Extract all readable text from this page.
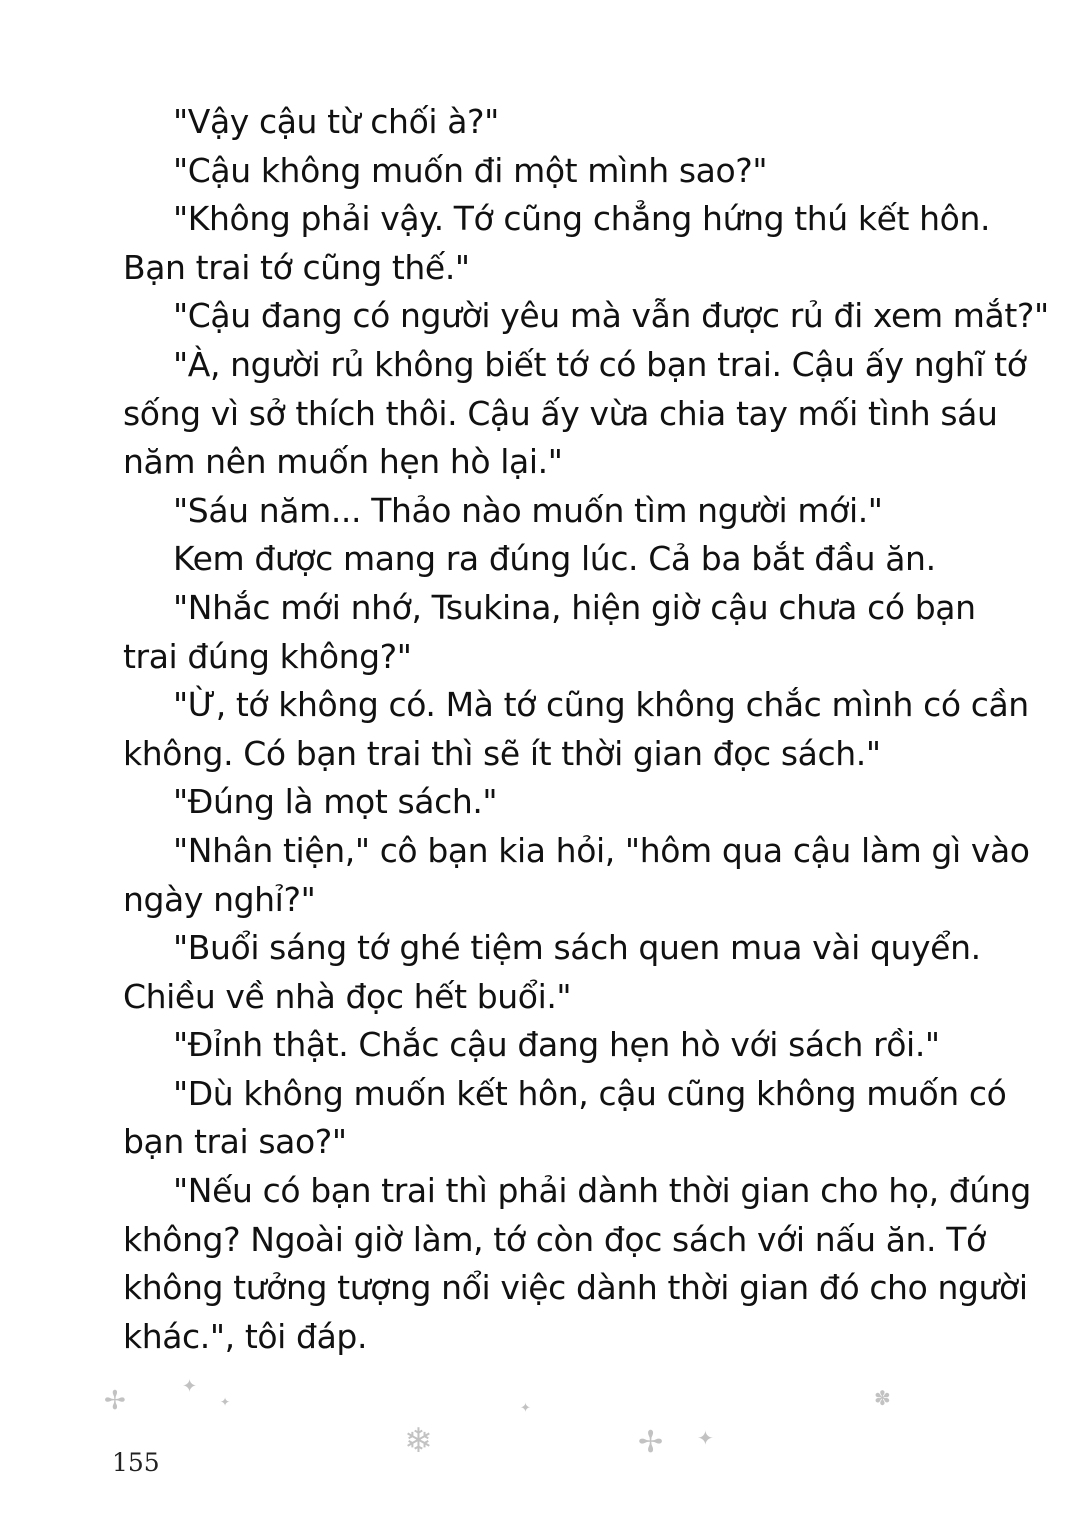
"Vậy cậu từ chối à?"
"Cậu không muốn đi một mình sao?"
"Không phải vậy. Tớ cũng chẳng hứng thú kết hôn.
Bạn trai tớ cũng thế."
"Cậu đang có người yêu mà vẫn được rủ đi xem mắt?"
"À, người rủ không biết tớ có bạn trai. Cậu ấy nghĩ tớ
sống vì sở thích thôi. Cậu ấy vừa chia tay mối tình sáu
năm nên muốn hẹn hò lại."
"Sáu năm... Thảo nào muốn tìm người mới."
Kem được mang ra đúng lúc. Cả ba bắt đầu ăn.
"Nhắc mới nhớ, Tsukina, hiện giờ cậu chưa có bạn
trai đúng không?"
"Ừ, tớ không có. Mà tớ cũng không chắc mình có cần
không. Có bạn trai thì sẽ ít thời gian đọc sách."
"Đúng là mọt sách."
"Nhân tiện," cô bạn kia hỏi, "hôm qua cậu làm gì vào
ngày nghỉ?"
"Buổi sáng tớ ghé tiệm sách quen mua vài quyển.
Chiều về nhà đọc hết buổi."
"Đỉnh thật. Chắc cậu đang hẹn hò với sách rồi."
"Dù không muốn kết hôn, cậu cũng không muốn có
bạn trai sao?"
"Nếu có bạn trai thì phải dành thời gian cho họ, đúng
không? Ngoài giờ làm, tớ còn đọc sách với nấu ăn. Tớ
không tưởng tượng nổi việc dành thời gian đó cho người
khác.", tôi đáp.
✢	✦
✦	✦
❄	✢ ✦
✽
155
